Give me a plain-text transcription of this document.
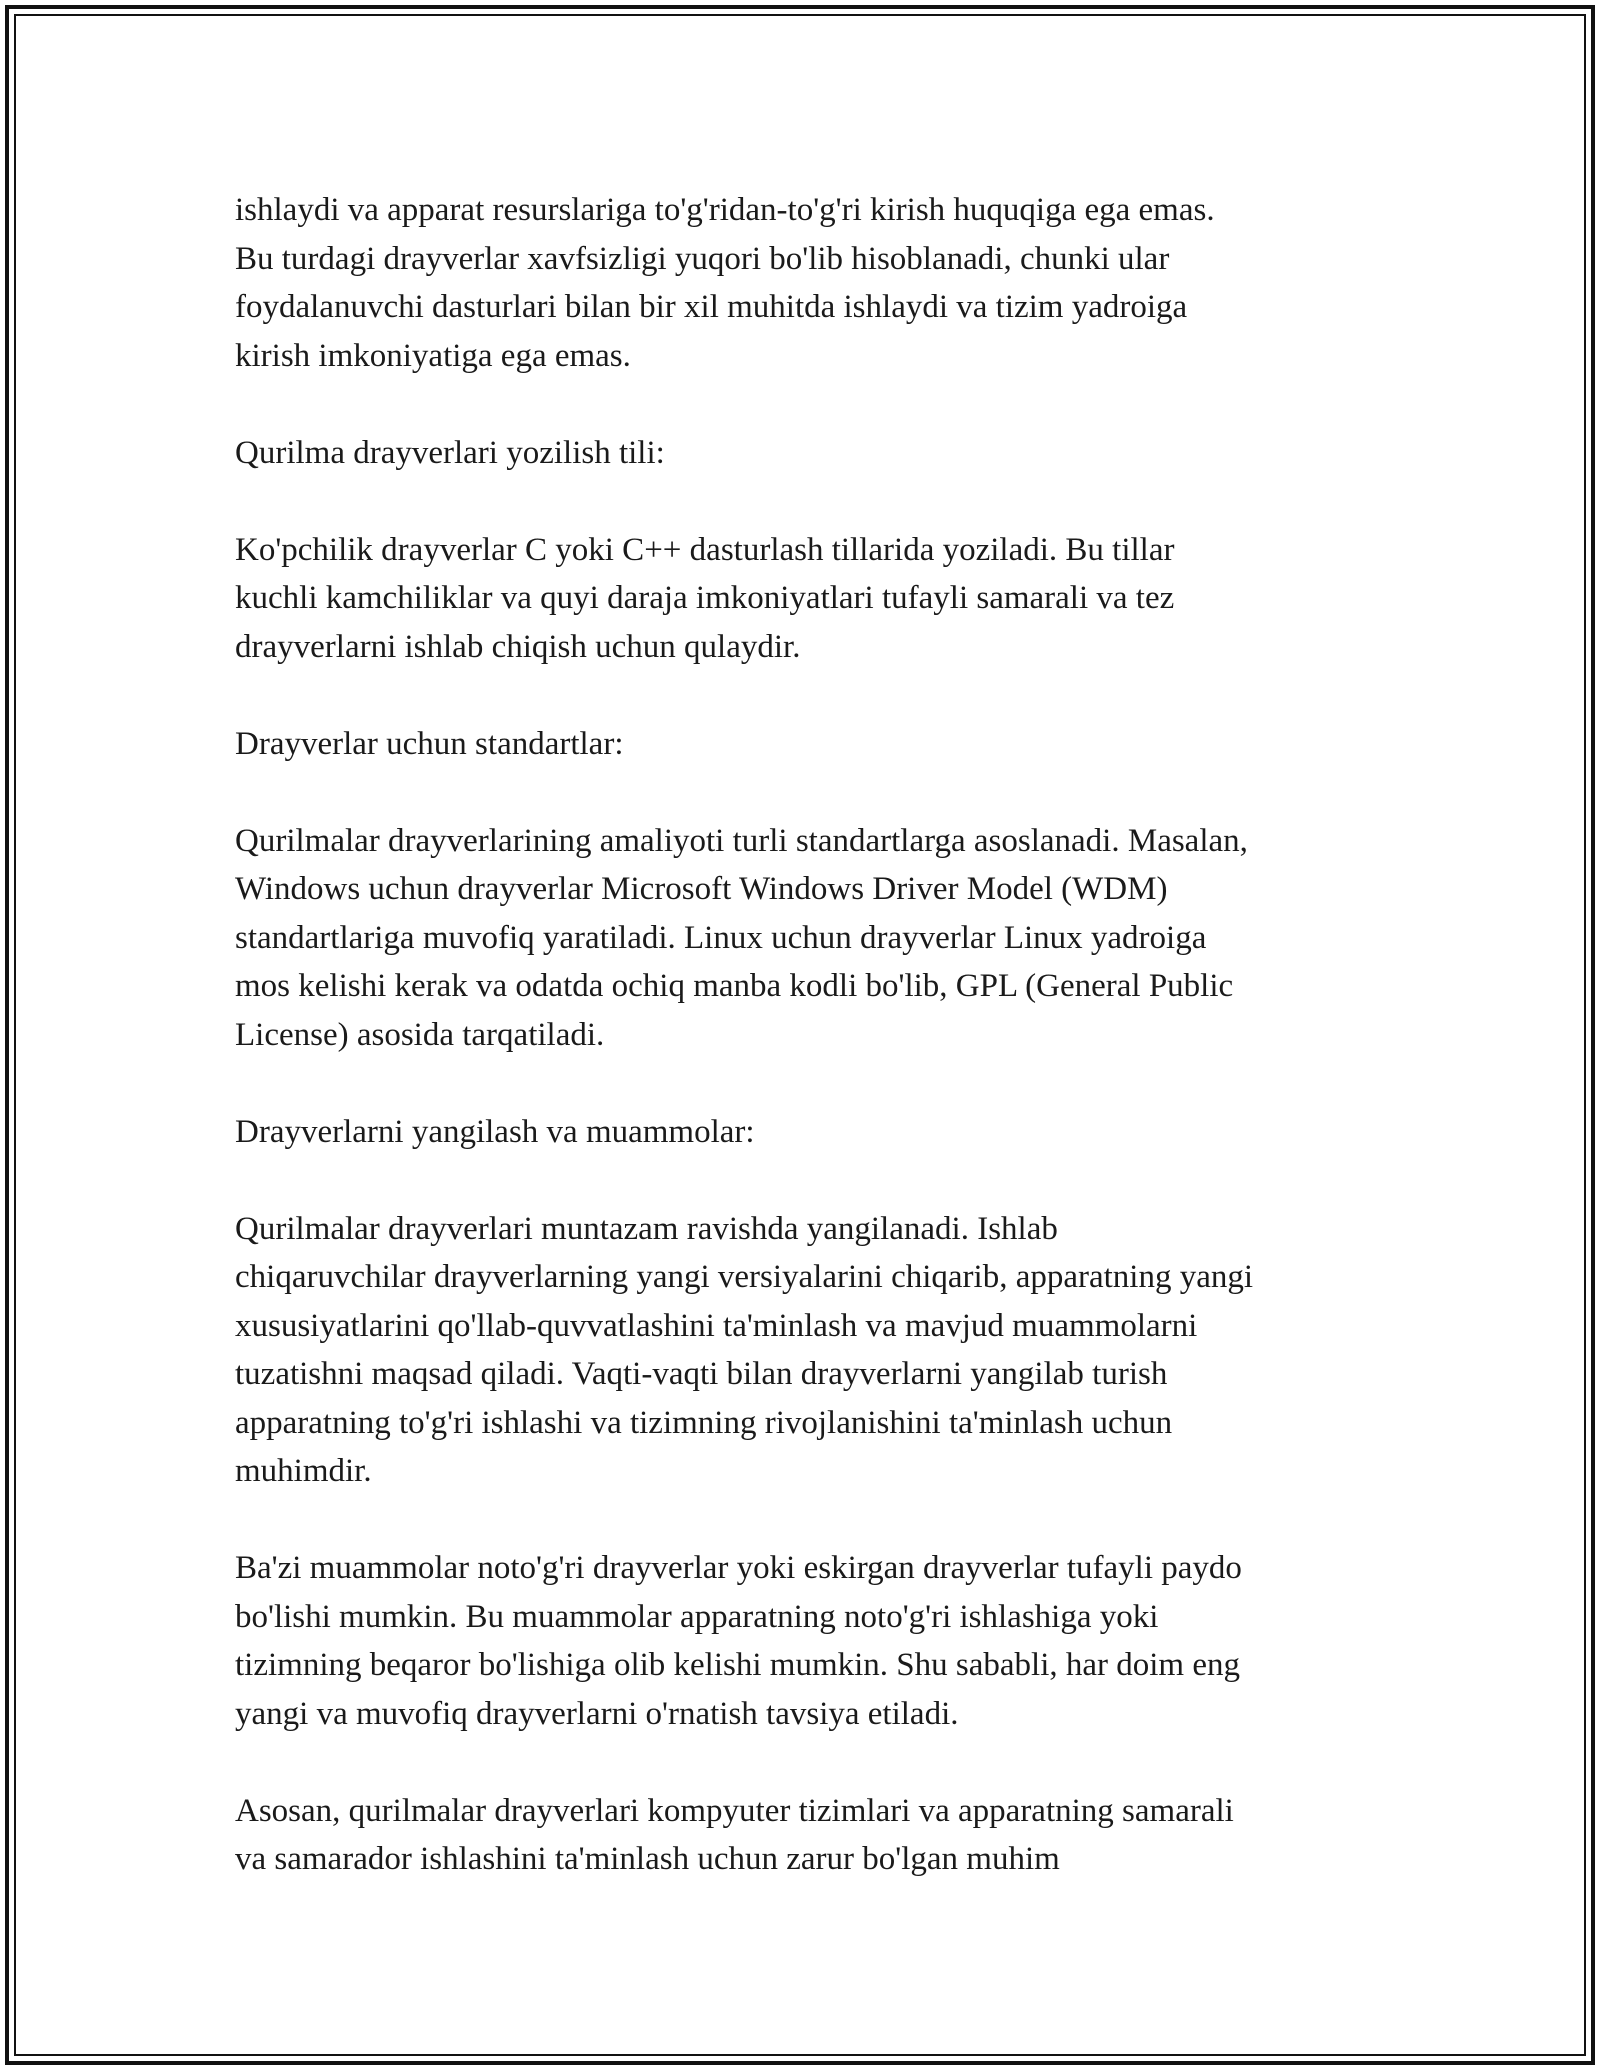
ishlaydi va apparat resurslariga to'g'ridan-to'g'ri kirish huquqiga ega emas.
Bu turdagi drayverlar xavfsizligi yuqori bo'lib hisoblanadi, chunki ular
foydalanuvchi dasturlari bilan bir xil muhitda ishlaydi va tizim yadroiga
kirish imkoniyatiga ega emas.

Qurilma drayverlari yozilish tili:

Ko'pchilik drayverlar C yoki C++ dasturlash tillarida yoziladi. Bu tillar
kuchli kamchiliklar va quyi daraja imkoniyatlari tufayli samarali va tez
drayverlarni ishlab chiqish uchun qulaydir.

Drayverlar uchun standartlar:

Qurilmalar drayverlarining amaliyoti turli standartlarga asoslanadi. Masalan,
Windows uchun drayverlar Microsoft Windows Driver Model (WDM)
standartlariga muvofiq yaratiladi. Linux uchun drayverlar Linux yadroiga
mos kelishi kerak va odatda ochiq manba kodli bo'lib, GPL (General Public
License) asosida tarqatiladi.

Drayverlarni yangilash va muammolar:

Qurilmalar drayverlari muntazam ravishda yangilanadi. Ishlab
chiqaruvchilar drayverlarning yangi versiyalarini chiqarib, apparatning yangi
xususiyatlarini qo'llab-quvvatlashini ta'minlash va mavjud muammolarni
tuzatishni maqsad qiladi. Vaqti-vaqti bilan drayverlarni yangilab turish
apparatning to'g'ri ishlashi va tizimning rivojlanishini ta'minlash uchun
muhimdir.

Ba'zi muammolar noto'g'ri drayverlar yoki eskirgan drayverlar tufayli paydo
bo'lishi mumkin. Bu muammolar apparatning noto'g'ri ishlashiga yoki
tizimning beqaror bo'lishiga olib kelishi mumkin. Shu sababli, har doim eng
yangi va muvofiq drayverlarni o'rnatish tavsiya etiladi.

Asosan, qurilmalar drayverlari kompyuter tizimlari va apparatning samarali
va samarador ishlashini ta'minlash uchun zarur bo'lgan muhim
